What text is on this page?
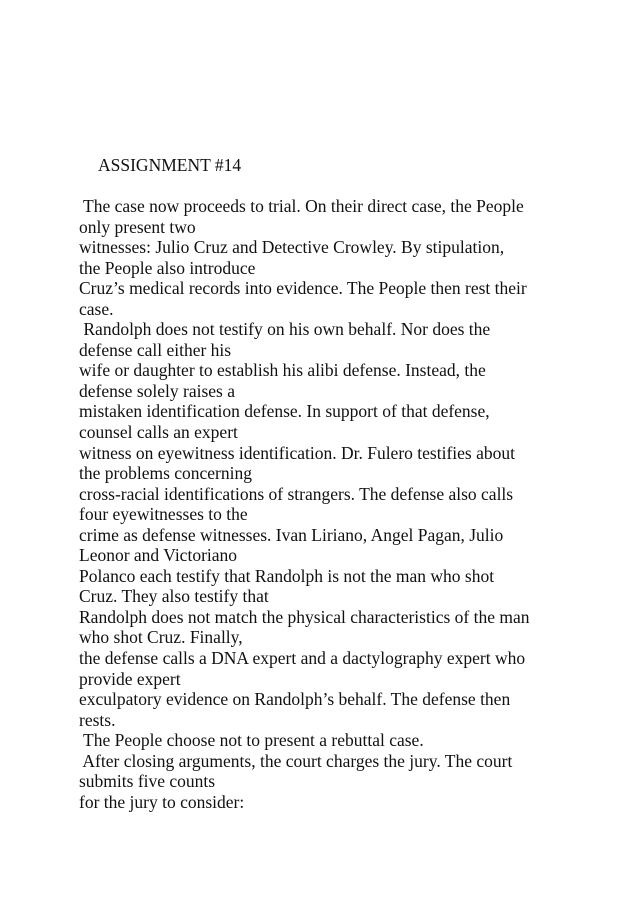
ASSIGNMENT #14
The case now proceeds to trial. On their direct case, the People
only present two
witnesses: Julio Cruz and Detective Crowley. By stipulation,
the People also introduce
Cruz’s medical records into evidence. The People then rest their
case.
Randolph does not testify on his own behalf. Nor does the
defense call either his
wife or daughter to establish his alibi defense. Instead, the
defense solely raises a
mistaken identification defense. In support of that defense,
counsel calls an expert
witness on eyewitness identification. Dr. Fulero testifies about
the problems concerning
cross-racial identifications of strangers. The defense also calls
four eyewitnesses to the
crime as defense witnesses. Ivan Liriano, Angel Pagan, Julio
Leonor and Victoriano
Polanco each testify that Randolph is not the man who shot
Cruz. They also testify that
Randolph does not match the physical characteristics of the man
who shot Cruz. Finally,
the defense calls a DNA expert and a dactylography expert who
provide expert
exculpatory evidence on Randolph’s behalf. The defense then
rests.
The People choose not to present a rebuttal case.
After closing arguments, the court charges the jury. The court
submits five counts
for the jury to consider:
